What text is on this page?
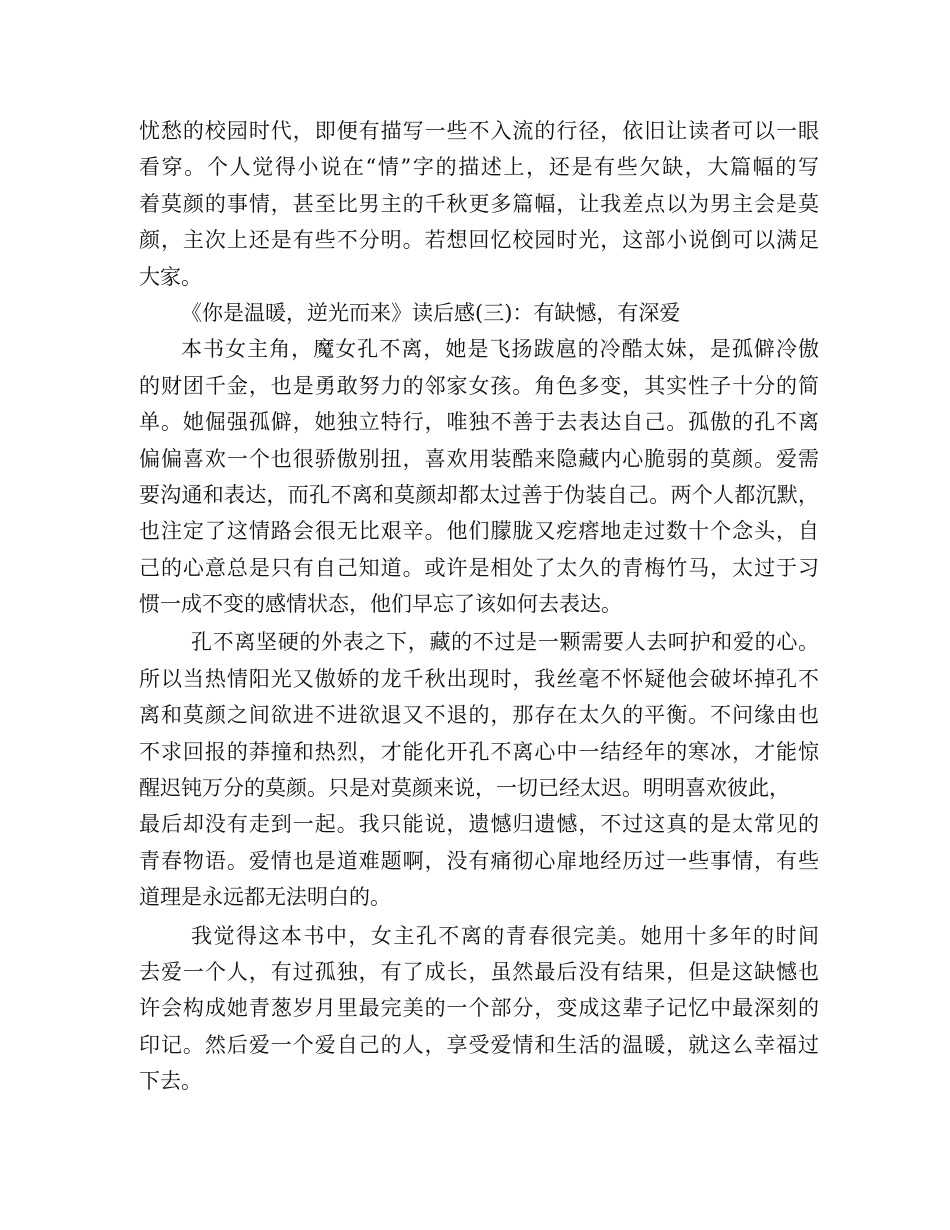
忧愁的校园时代，即便有描写一些不入流的行径，依旧让读者可以一眼
看穿。个人觉得小说在“情”字的描述上，还是有些欠缺，大篇幅的写
着莫颜的事情，甚至比男主的千秋更多篇幅，让我差点以为男主会是莫
颜，主次上还是有些不分明。若想回忆校园时光，这部小说倒可以满足
大家。
《你是温暖，逆光而来》读后感(三)：有缺憾，有深爱
本书女主角，魔女孔不离，她是飞扬跋扈的冷酷太妹，是孤僻冷傲
的财团千金，也是勇敢努力的邻家女孩。角色多变，其实性子十分的简
单。她倔强孤僻，她独立特行，唯独不善于去表达自己。孤傲的孔不离
偏偏喜欢一个也很骄傲别扭，喜欢用装酷来隐藏内心脆弱的莫颜。爱需
要沟通和表达，而孔不离和莫颜却都太过善于伪装自己。两个人都沉默，
也注定了这情路会很无比艰辛。他们朦胧又疙瘩地走过数十个念头，自
己的心意总是只有自己知道。或许是相处了太久的青梅竹马，太过于习
惯一成不变的感情状态，他们早忘了该如何去表达。
孔不离坚硬的外表之下，藏的不过是一颗需要人去呵护和爱的心。
所以当热情阳光又傲娇的龙千秋出现时，我丝毫不怀疑他会破坏掉孔不
离和莫颜之间欲进不进欲退又不退的，那存在太久的平衡。不问缘由也
不求回报的莽撞和热烈，才能化开孔不离心中一结经年的寒冰，才能惊
醒迟钝万分的莫颜。只是对莫颜来说，一切已经太迟。明明喜欢彼此，
最后却没有走到一起。我只能说，遗憾归遗憾，不过这真的是太常见的
青春物语。爱情也是道难题啊，没有痛彻心扉地经历过一些事情，有些
道理是永远都无法明白的。
我觉得这本书中，女主孔不离的青春很完美。她用十多年的时间
去爱一个人，有过孤独，有了成长，虽然最后没有结果，但是这缺憾也
许会构成她青葱岁月里最完美的一个部分，变成这辈子记忆中最深刻的
印记。然后爱一个爱自己的人，享受爱情和生活的温暖，就这么幸福过
下去。
